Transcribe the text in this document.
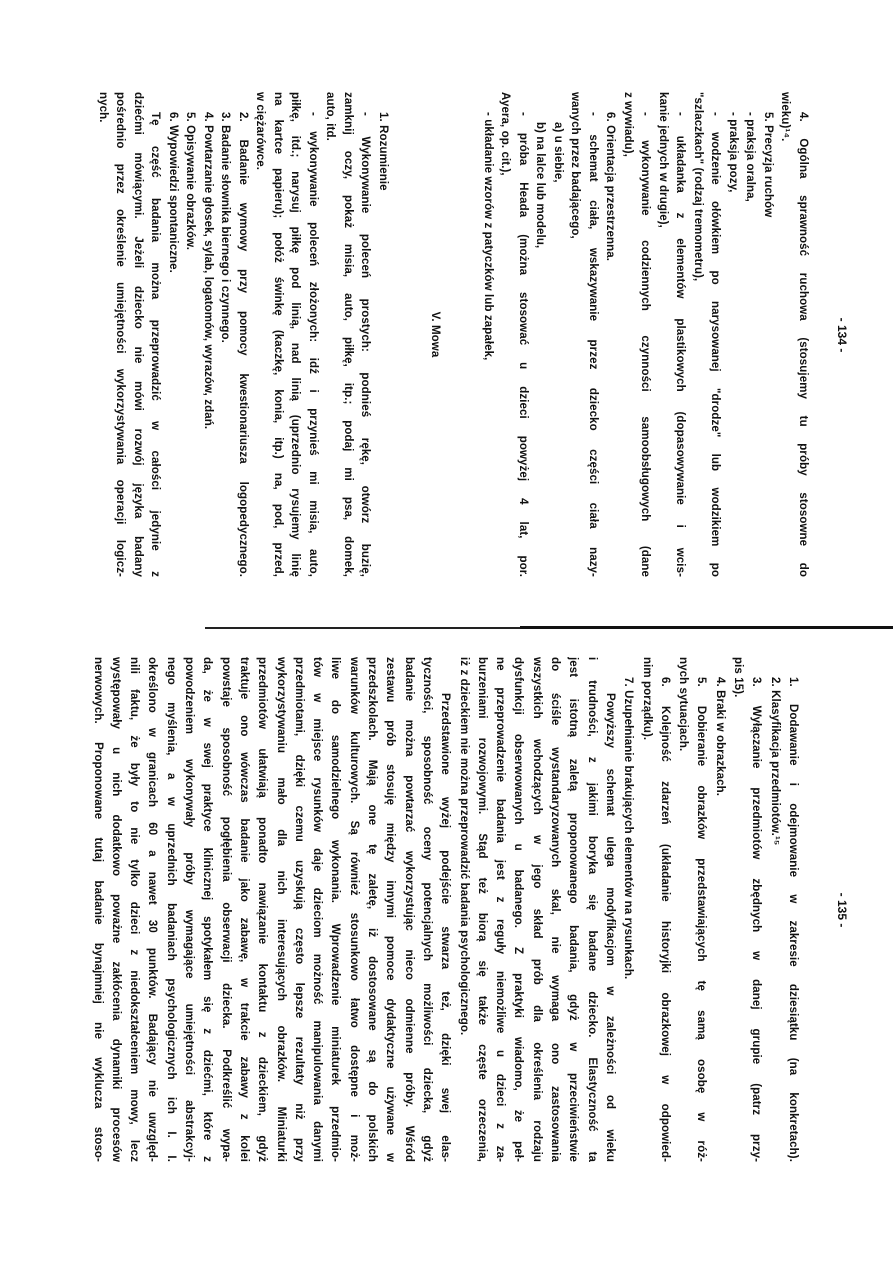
- 134 -
4. Ogólna sprawność ruchowa (stosujemy tu próby stosowne do
wieku)¹⁴.
5. Precyzja ruchów
- praksja oralna,
- praksja pozy,
- wodzenie ołówkiem po narysowanej "drodze" lub wodzikiem po
"szlaczkach" (rodzaj tremometru),
- układanka z elementów plastikowych (dopasowywanie i wcis-
kanie jednych w drugie),
- wykonywanie codziennych czynności samoobsługowych (dane
z wywiadu),
6. Orientacja przestrzenna.
- schemat ciała, wskazywanie przez dziecko części ciała nazy-
wanych przez badającego,
a) u siebie,
b) na lalce lub modelu,
- próba Heada (można stosować u dzieci powyżej 4 lat, por.
Ayera, op. cit.),
- układanie wzorów z patyczków lub zapałek,
V. Mowa
1. Rozumienie
- Wykonywanie poleceń prostych: podnieś rękę, otwórz buzię,
zamknij oczy, pokaż misia, auto, piłkę, itp.; podaj mi psa, domek,
auto, itd.
- wykonywanie poleceń złożonych: idź i przynieś mi misia, auto,
piłkę, itd.; narysuj piłkę pod linią, nad linią (uprzednio rysujemy linię
na kartce papieru); połóż świnkę (kaczkę, konia, itp.) na, pod, przed,
w ciężarówce.
2. Badanie wymowy przy pomocy kwestionariusza logopedycznego.
3. Badanie słownika biernego i czynnego.
4. Powtarzanie głosek, sylab, logatomów, wyrazów, zdań.
5. Opisywanie obrazków.
6. Wypowiedzi spontaniczne.
Tę część badania można przeprowadzić w całości jedynie z
dziećmi mówiącymi. Jeżeli dziecko nie mówi rozwój języka badany
pośrednio przez określenie umiejętności wykorzystywania operacji logicz-
nych.
- 135 -
1. Dodawanie i odejmowanie w zakresie dziesiątku (na konkretach).
2. Klasyfikacja przedmiotów.¹⁵
3. Wyłączanie przedmiotów zbędnych w danej grupie (patrz przy-
pis 15).
4. Braki w obrazkach.
5. Dobieranie obrazków przedstawiających tę samą osobę w róż-
nych sytuacjach.
6. Kolejność zdarzeń (układanie historyjki obrazkowej w odpowied-
nim porządku).
7. Uzupełnianie brakujących elementów na rysunkach.
Powyższy schemat ulega modyfikacjom w zależności od wieku
i trudności, z jakimi boryka się badane dziecko. Elastyczność ta
jest istotną zaletą proponowanego badania, gdyż w przeciwieństwie
do ściśle wystandaryzowanych skal, nie wymaga ono zastosowania
wszystkich wchodzących w jego skład prób dla określenia rodzaju
dysfunkcji obserwowanych u badanego. Z praktyki wiadomo, że peł-
ne przeprowadzenie badania jest z reguły niemożliwe u dzieci z za-
burzeniami rozwojowymi. Stąd też biorą się także częste orzeczenia,
iż z dzieckiem nie można przeprowadzić badania psychologicznego.
Przedstawione wyżej podejście stwarza też, dzięki swej elas-
tyczności, sposobność oceny potencjalnych możliwości dziecka, gdyż
badanie można powtarzać wykorzystując nieco odmienne próby. Wśród
zestawu prób stosuję między innymi pomoce dydaktyczne używane w
przedszkolach. Mają one tę zaletę, iż dostosowane są do polskich
warunków kulturowych. Są również stosunkowo łatwo dostępne i moż-
liwe do samodzielnego wykonania. Wprowadzenie miniaturek przedmio-
tów w miejsce rysunków daje dzieciom możność manipulowania danymi
przedmiotami, dzięki czemu uzyskują często lepsze rezultaty niż przy
wykorzystywaniu mało dla nich interesujących obrazków. Miniaturki
przedmiotów ułatwiają ponadto nawiązanie kontaktu z dzieckiem, gdyż
traktuje ono wówczas badanie jako zabawę, w trakcie zabawy z kolei
powstaje sposobność pogłębienia obserwacji dziecka. Podkreślić wypa-
da, że w swej praktyce klinicznej spotykałem się z dziećmi, które z
powodzeniem wykonywały próby wymagające umiejętności abstrakcyj-
nego myślenia, a w uprzednich badaniach psychologicznych ich I. I.
określono w granicach 60 a nawet 30 punktów. Badający nie uwzględ-
nili faktu, że były to nie tylko dzieci z niedokształceniem mowy, lecz
występowały u nich dodatkowo poważne zakłócenia dynamiki procesów
nerwowych. Proponowane tutaj badanie bynajmniej nie wyklucza stoso-
